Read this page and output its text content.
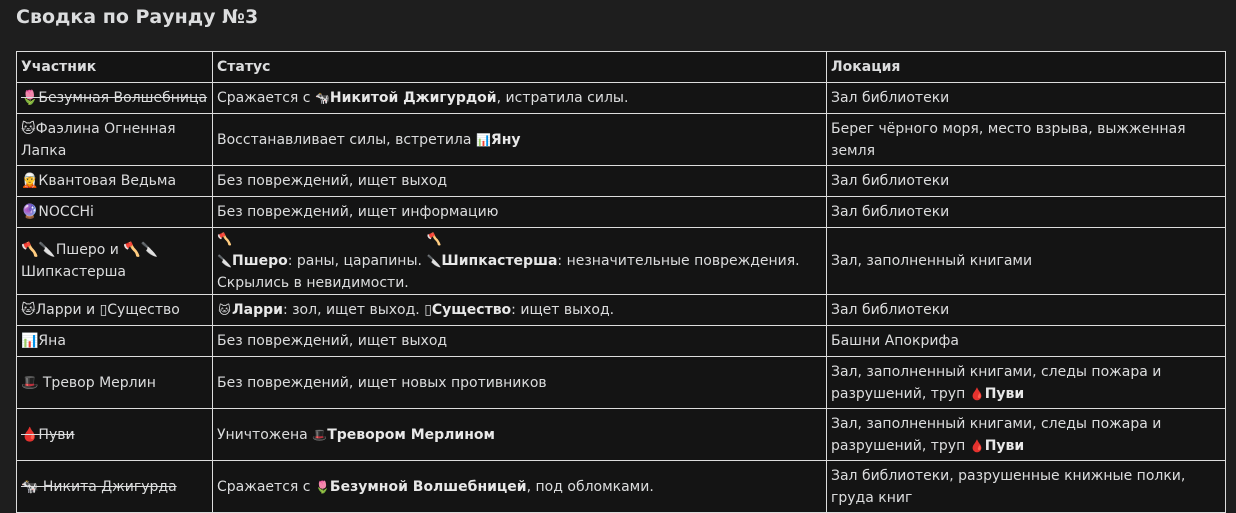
Сводка по Раунду №3
Участник	Статус	Локация
🌷Безумная Волшебница	Сражается с 🐄Никитой Джигурдой, истратила силы.	Зал библиотеки
🐱Фаэлина Огненная Лапка	Восстанавливает силы, встретила 📊Яну	Берег чёрного моря, место взрыва, выжженная земля
🧝Квантовая Ведьма	Без повреждений, ищет выход	Зал библиотеки
🔮NOCCHi	Без повреждений, ищет информацию	Зал библиотеки
🪓🔪Пшеро и 🪓🔪 Шипкастерша	🪓🔪Пшеро: раны, царапины. 🪓🔪Шипкастерша: незначительные повреждения. Скрылись в невидимости.	Зал, заполненный книгами
🐱Ларри и ▯Существо	🐱Ларри: зол, ищет выход. ▯Существо: ищет выход.	Зал библиотеки
📊Яна	Без повреждений, ищет выход	Башни Апокрифа
🎩 Тревор Мерлин	Без повреждений, ищет новых противников	Зал, заполненный книгами, следы пожара и разрушений, труп 🩸Пуви
🩸Пуви	Уничтожена 🎩Тревором Мерлином	Зал, заполненный книгами, следы пожара и разрушений, труп 🩸Пуви
🐄 Никита Джигурда	Сражается с 🌷Безумной Волшебницей, под обломками.	Зал библиотеки, разрушенные книжные полки, груда книг
